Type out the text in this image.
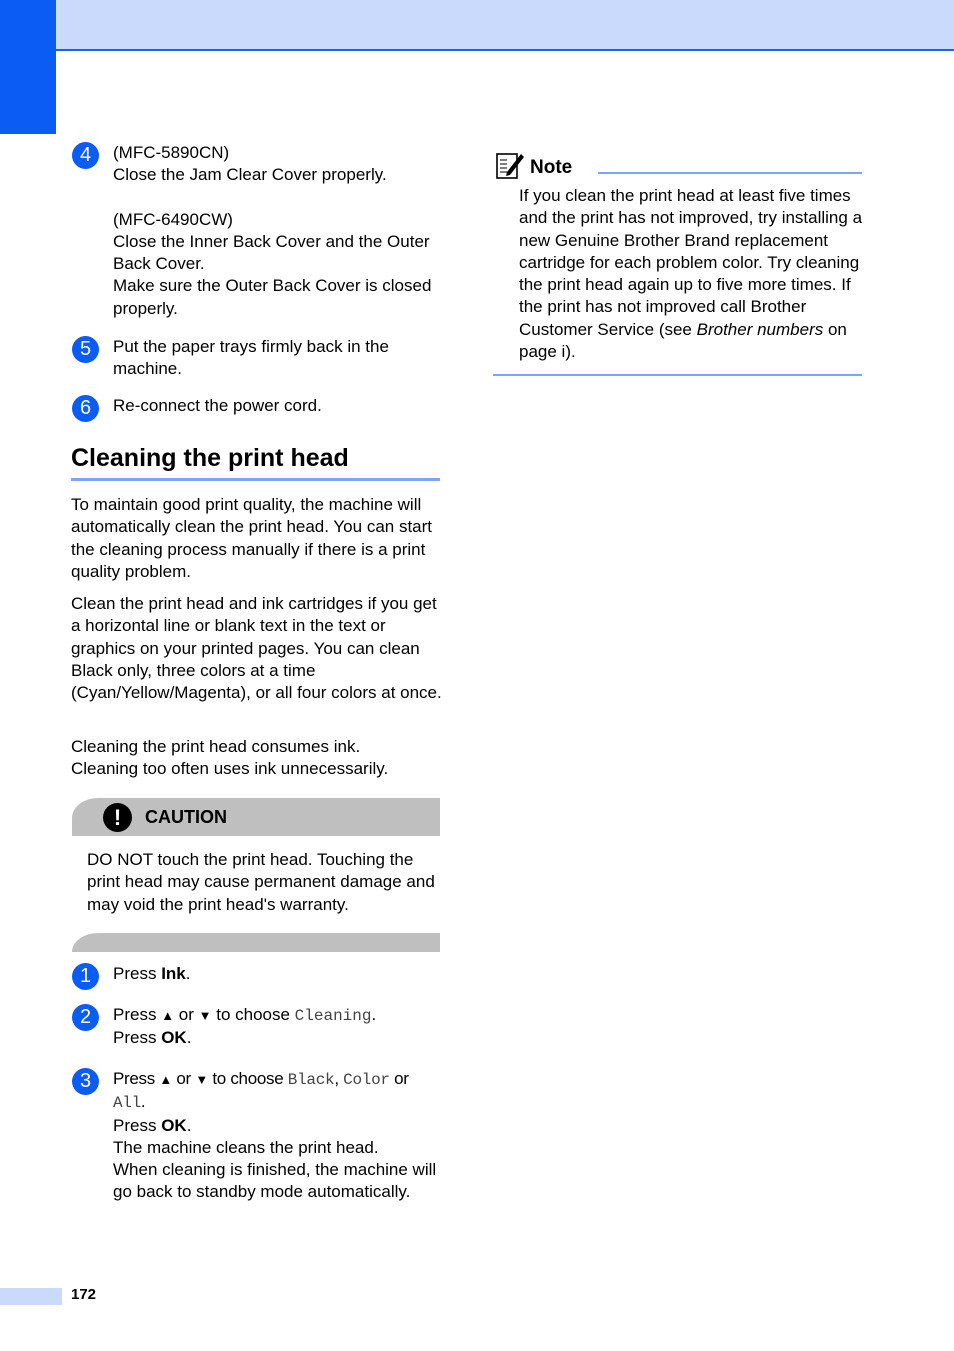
4	(MFC-5890CN)

Close the Jam Clear Cover properly.

(MFC-6490CW)

Close the Inner Back Cover and the Outer Back Cover.

Make sure the Outer Back Cover is closed properly.

5	Put the paper trays firmly back in the machine.

6	Re-connect the power cord.

Cleaning the print head

To maintain good print quality, the machine will automatically clean the print head. You can start the cleaning process manually if there is a print quality problem.

Clean the print head and ink cartridges if you get a horizontal line or blank text in the text or graphics on your printed pages. You can clean Black only, three colors at a time (Cyan/Yellow/Magenta), or all four colors at once.

Cleaning the print head consumes ink.
Cleaning too often uses ink unnecessarily.
!	CAUTION

DO NOT touch the print head. Touching the print head may cause permanent damage and may void the print head's warranty.

1	Press Ink.

2	Press ▲ or ▼ to choose Cleaning.

Press OK.

3	Press ▲ or ▼ to choose Black, Color or All.

Press OK.

The machine cleans the print head.

When cleaning is finished, the machine will go back to standby mode automatically.

Note

If you clean the print head at least five times and the print has not improved, try installing a new Genuine Brother Brand replacement cartridge for each problem color. Try cleaning the print head again up to five more times. If the print has not improved call Brother Customer Service (see Brother numbers on page i).

172
